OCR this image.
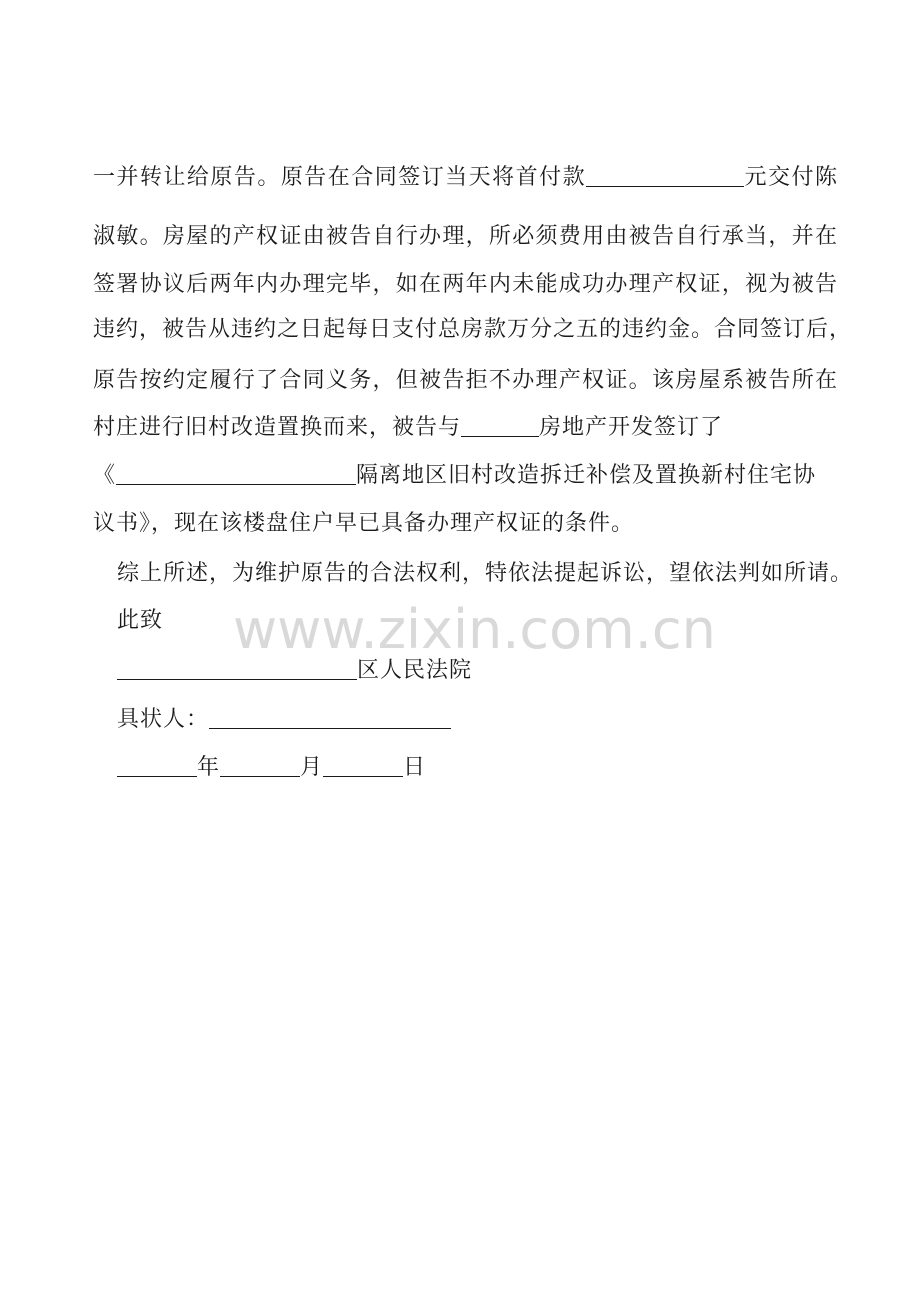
一并转让给原告。原告在合同签订当天将首付款	元交付陈
淑敏。房屋的产权证由被告自行办理，所必须费用由被告自行承当，并在
签署协议后两年内办理完毕，如在两年内未能成功办理产权证，视为被告
违约，被告从违约之日起每日支付总房款万分之五的违约金。合同签订后，
原告按约定履行了合同义务，但被告拒不办理产权证。该房屋系被告所在
村庄进行旧村改造置换而来，被告与	房地产开发签订了
《	隔离地区旧村改造拆迁补偿及置换新村住宅协
议书》，现在该楼盘住户早已具备办理产权证的条件。
综上所述，为维护原告的合法权利，特依法提起诉讼，望依法判如所请。
此致	www.zixin.com.cn
区人民法院
具状人：
年	月	日
